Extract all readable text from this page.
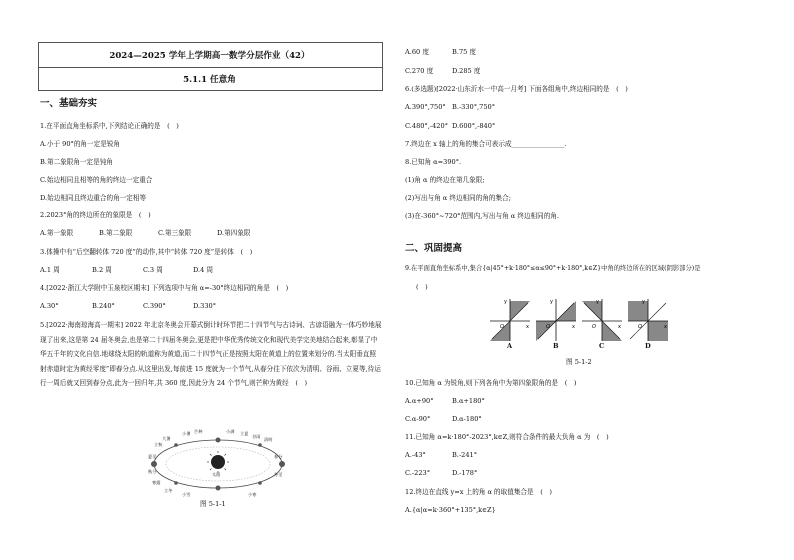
2024—2025 学年上学期高一数学分层作业（42）
5.1.1 任意角
一、基础夯实
1.在平面直角坐标系中,下列结论正确的是　(　)
A.小于 90°的角一定是锐角
B.第二象限角一定是钝角
C.始边相同且相等的角的终边一定重合
D.始边相同且终边重合的角一定相等
2.2023°角的终边所在的象限是　(　)
A.第一象限	B.第二象限	C.第三象限	D.第四象限
3.体操中有“后空翻转体 720 度”的动作,其中“转体 720 度”是转体　(　)
A.1 周	B.2 周	C.3 周	D.4 周
4.[2022·浙江大学附中玉泉校区期末] 下列选项中与角 α=-30°终边相同的角是　(　)
A.30°	B.240°	C.390°	D.330°
5.[2022·海南琼海高一期末] 2022 年北京冬奥会开幕式倒计时环节把二十四节气与古诗词、古谚语融为一体巧妙地展现了出来,这是第 24 届冬奥会,也是第二十四届冬奥会,更是把中华优秀传统文化和现代美学完美地结合起来,彰显了中华五千年的文化自信.地球绕太阳的轨道称为黄道,而二十四节气正是按照太阳在黄道上的位置来划分的.当太阳垂直照射赤道时定为黄经零度”即春分点.从这里出发,每前进 15 度就为一个节气,从春分往下依次为清明、谷雨、立夏等,待运行一周后就又回到春分点,此为一回归年,共 360 度,因此分为 24 个节气,则芒种为黄经　(　)
小暑 芒种	小满 立夏
谷雨
清明
春分
夏至
冬至
大暑
立秋
小雪
立冬
秋分
寒露
小寒
太阳
图 5-1-1
A.60 度	B.75 度
C.270 度	D.285 度
6.(多选题)[2022·山东沂水一中高一月考] 下面各组角中,终边相同的是　(　)
A.390°,750° B.-330°,750°
C.480°,-420° D.600°,-840°
7.终边在 x 轴上的角的集合可表示成________________.
8.已知角 α=390°.
(1)角 α 的终边在第几象限;
(2)写出与角 α 终边相同的角的集合;
(3)在-360°~720°范围内,写出与角 α 终边相同的角.
二、巩固提高
9.在平面直角坐标系中,集合{α|45°+k·180°≤α≤90°+k·180°,k∈Z}中角的终边所在的区域(阴影部分)是
(　)
y
x
O
y
x
O
y
x
O
y
x
O
A	B	C	D
图 5-1-2
10.已知角 α 为锐角,则下列各角中为第四象限角的是　(　)
A.α+90°	B.α+180°
C.α-90°	D.α-180°
11.已知角 α=k·180°-2023°,k∈Z,则符合条件的最大负角 α 为　(　)
A.-43°	B.-241°
C.-223°	D.-178°
12.终边在直线 y=x 上的角 α 的取值集合是　(　)
A.{α|α=k·360°+135°,k∈Z}
